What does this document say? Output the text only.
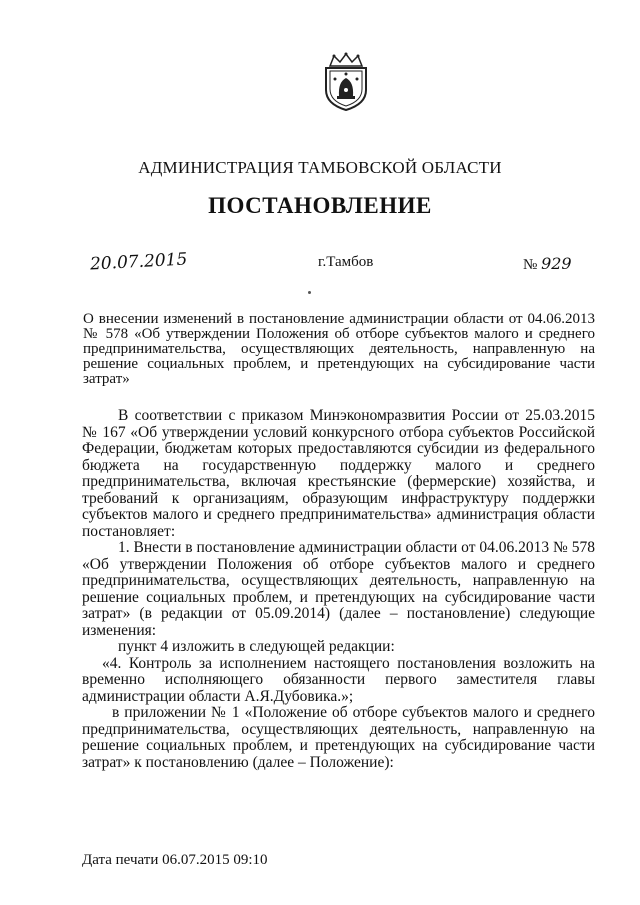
АДМИНИСТРАЦИЯ ТАМБОВСКОЙ ОБЛАСТИ
ПОСТАНОВЛЕНИЕ
20.07.2015	г.Тамбов	№ 929
О внесении изменений в постановление администрации области от 04.06.2013 № 578 «Об утверждении Положения об отборе субъектов малого и среднего предпринимательства, осуществляющих деятельность, направленную на решение социальных проблем, и претендующих на субсидирование части затрат»

В соответствии с приказом Минэкономразвития России от 25.03.2015 № 167 «Об утверждении условий конкурсного отбора субъектов Российской Федерации, бюджетам которых предоставляются субсидии из федерального бюджета на государственную поддержку малого и среднего предпринимательства, включая крестьянские (фермерские) хозяйства, и требований к организациям, образующим инфраструктуру поддержки субъектов малого и среднего предпринимательства» администрация области постановляет:

1. Внести в постановление администрации области от 04.06.2013 № 578 «Об утверждении Положения об отборе субъектов малого и среднего предпринимательства, осуществляющих деятельность, направленную на решение социальных проблем, и претендующих на субсидирование части затрат» (в редакции от 05.09.2014) (далее – постановление) следующие изменения:

пункт 4 изложить в следующей редакции:

«4. Контроль за исполнением настоящего постановления возложить на временно исполняющего обязанности первого заместителя главы администрации области А.Я.Дубовика.»;

в приложении № 1 «Положение об отборе субъектов малого и среднего предпринимательства, осуществляющих деятельность, направленную на решение социальных проблем, и претендующих на субсидирование части затрат» к постановлению (далее – Положение):

Дата печати 06.07.2015 09:10
